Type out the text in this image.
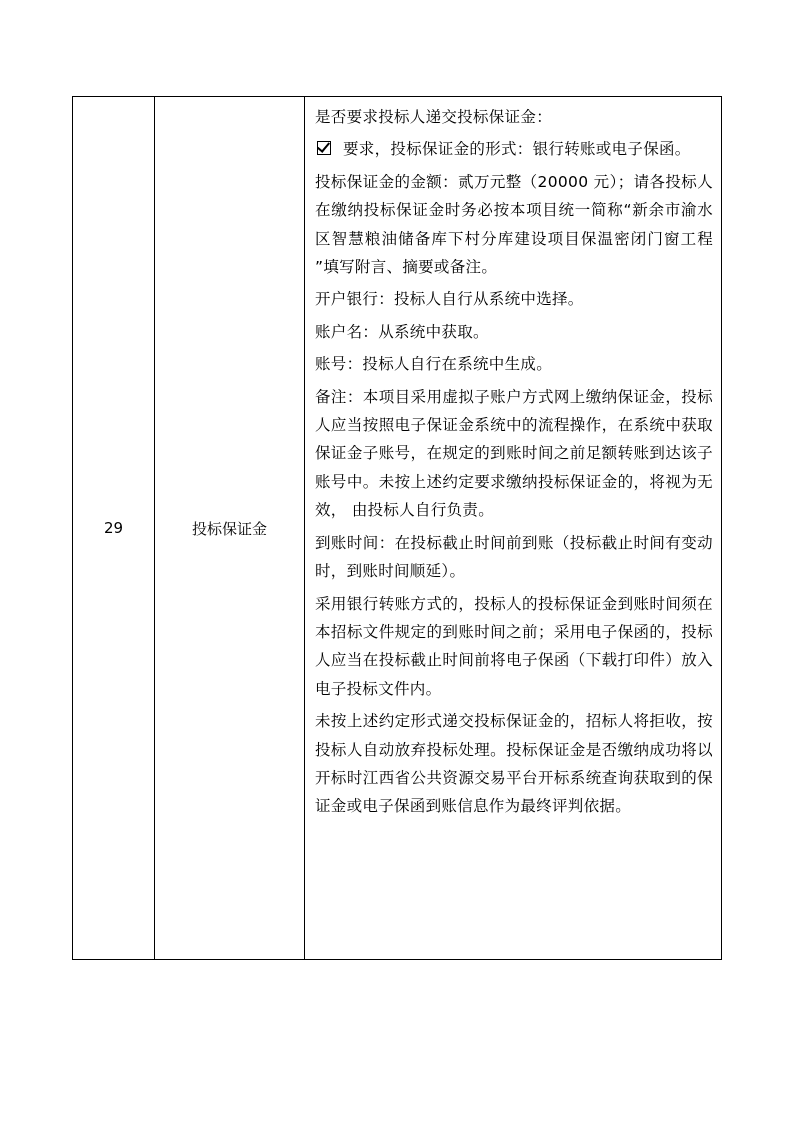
29	投标保证金	

是否要求投标人递交投标保证金：

要求，投标保证金的形式：银行转账或电子保函。

投标保证金的金额：贰万元整（20000 元）；请各投标人在缴纳投标保证金时务必按本项目统一简称“新余市渝水区智慧粮油储备库下村分库建设项目保温密闭门窗工程 ”填写附言、摘要或备注。

开户银行：投标人自行从系统中选择。

账户名：从系统中获取。

账号：投标人自行在系统中生成。

备注：本项目采用虚拟子账户方式网上缴纳保证金，投标人应当按照电子保证金系统中的流程操作，在系统中获取保证金子账号，在规定的到账时间之前足额转账到达该子账号中。未按上述约定要求缴纳投标保证金的，将视为无效， 由投标人自行负责。

到账时间：在投标截止时间前到账（投标截止时间有变动时，到账时间顺延）。

采用银行转账方式的，投标人的投标保证金到账时间须在本招标文件规定的到账时间之前；采用电子保函的，投标人应当在投标截止时间前将电子保函（下载打印件）放入电子投标文件内。

未按上述约定形式递交投标保证金的，招标人将拒收，按投标人自动放弃投标处理。投标保证金是否缴纳成功将以开标时江西省公共资源交易平台开标系统查询获取到的保证金或电子保函到账信息作为最终评判依据。
